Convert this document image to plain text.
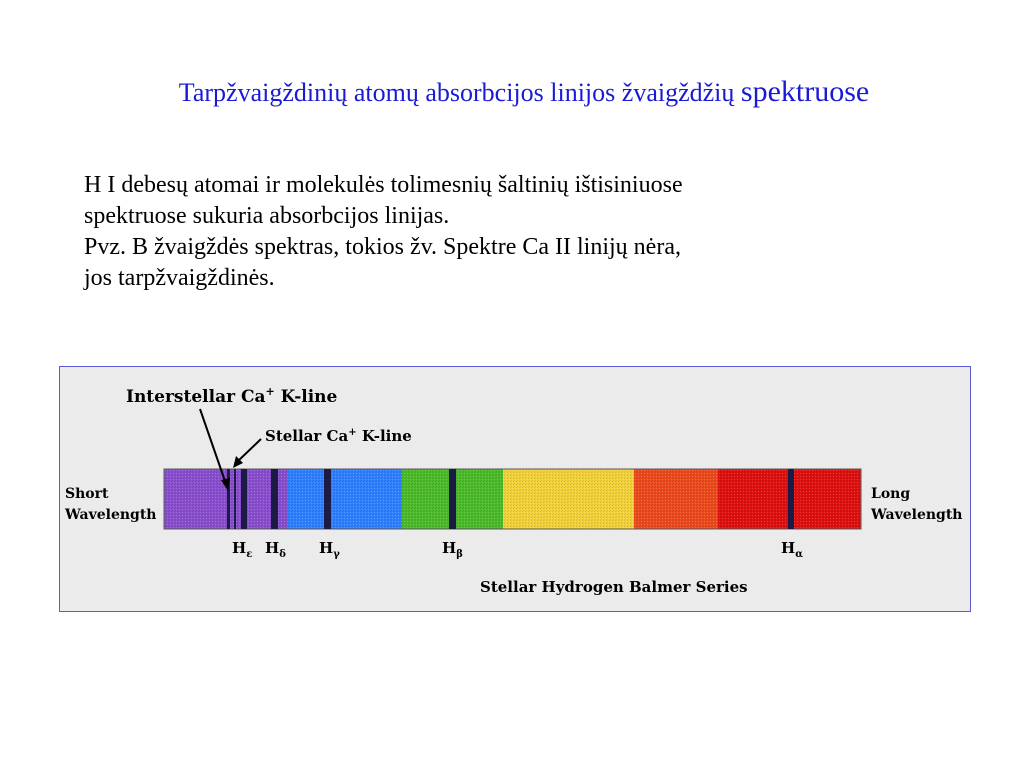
Tarpžvaigždinių atomų absorbcijos linijos žvaigždžių spektruose

H I debesų atomai ir molekulės tolimesnių šaltinių ištisiniuose

spektruose sukuria absorbcijos linijas.

Pvz. B žvaigždės spektras, tokios žv. Spektre Ca II linijų nėra,

jos tarpžvaigždinės.

Interstellar Ca+ K-line
Stellar Ca+ K-line
Short Wavelength
Long Wavelength
$H_\varepsilon$ $H_\delta$ $H_\gamma$	$H_\beta$	$H_\alpha$
Stellar Hydrogen Balmer Series
